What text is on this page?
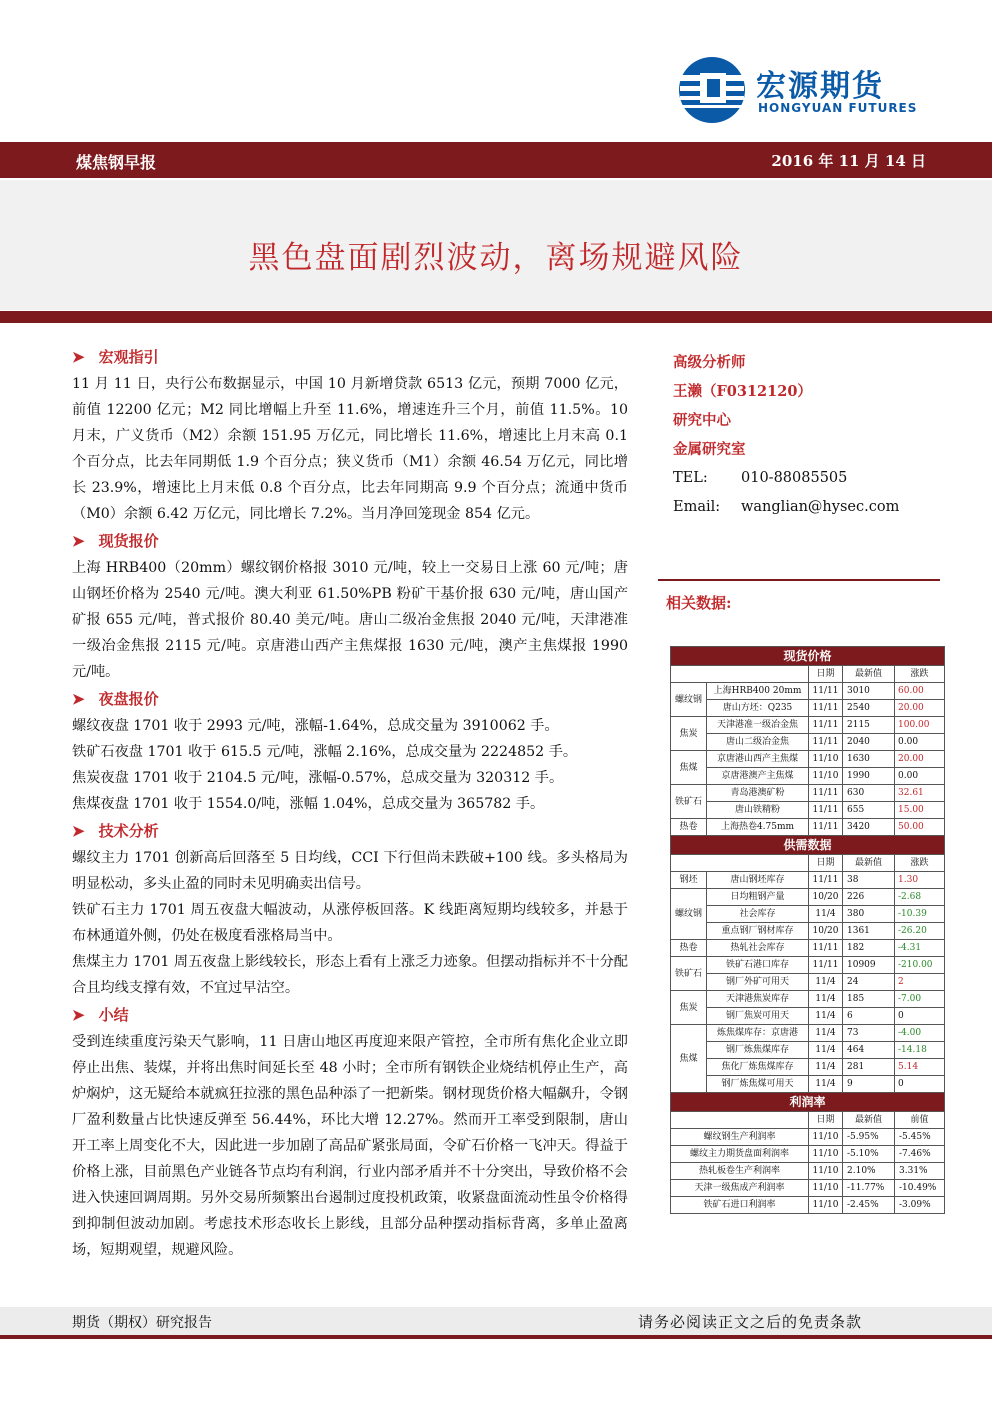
宏源期货
HONGYUAN FUTURES
煤焦钢早报	2016 年 11 月 14 日
黑色盘面剧烈波动，离场规避风险
➤ 宏观指引
11 月 11 日，央行公布数据显示，中国 10 月新增贷款 6513 亿元，预期 7000 亿元，前值 12200 亿元；M2 同比增幅上升至 11.6%，增速连升三个月，前值 11.5%。10 月末，广义货币（M2）余额 151.95 万亿元，同比增长 11.6%，增速比上月末高 0.1 个百分点，比去年同期低 1.9 个百分点；狭义货币（M1）余额 46.54 万亿元，同比增长 23.9%，增速比上月末低 0.8 个百分点，比去年同期高 9.9 个百分点；流通中货币（M0）余额 6.42 万亿元，同比增长 7.2%。当月净回笼现金 854 亿元。
➤ 现货报价
上海 HRB400（20mm）螺纹钢价格报 3010 元/吨，较上一交易日上涨 60 元/吨；唐山钢坯价格为 2540 元/吨。澳大利亚 61.50%PB 粉矿干基价报 630 元/吨，唐山国产矿报 655 元/吨，普式报价 80.40 美元/吨。唐山二级冶金焦报 2040 元/吨，天津港准一级冶金焦报 2115 元/吨。京唐港山西产主焦煤报 1630 元/吨，澳产主焦煤报 1990 元/吨。
➤ 夜盘报价
螺纹夜盘 1701 收于 2993 元/吨，涨幅-1.64%，总成交量为 3910062 手。
铁矿石夜盘 1701 收于 615.5 元/吨，涨幅 2.16%，总成交量为 2224852 手。
焦炭夜盘 1701 收于 2104.5 元/吨，涨幅-0.57%，总成交量为 320312 手。
焦煤夜盘 1701 收于 1554.0/吨，涨幅 1.04%，总成交量为 365782 手。
➤ 技术分析
螺纹主力 1701 创新高后回落至 5 日均线，CCI 下行但尚未跌破+100 线。多头格局为明显松动，多头止盈的同时未见明确卖出信号。
铁矿石主力 1701 周五夜盘大幅波动，从涨停板回落。K 线距离短期均线较多，并悬于布林通道外侧，仍处在极度看涨格局当中。
焦煤主力 1701 周五夜盘上影线较长，形态上看有上涨乏力迹象。但摆动指标并不十分配合且均线支撑有效，不宜过早沽空。
➤ 小结
受到连续重度污染天气影响，11 日唐山地区再度迎来限产管控，全市所有焦化企业立即停止出焦、装煤，并将出焦时间延长至 48 小时；全市所有钢铁企业烧结机停止生产，高炉焖炉，这无疑给本就疯狂拉涨的黑色品种添了一把新柴。钢材现货价格大幅飙升，令钢厂盈利数量占比快速反弹至 56.44%，环比大增 12.27%。然而开工率受到限制，唐山开工率上周变化不大，因此进一步加剧了高品矿紧张局面，令矿石价格一飞冲天。得益于价格上涨，目前黑色产业链各节点均有利润，行业内部矛盾并不十分突出，导致价格不会进入快速回调周期。另外交易所频繁出台遏制过度投机政策，收紧盘面流动性虽令价格得到抑制但波动加剧。考虑技术形态收长上影线，且部分品种摆动指标背离，多单止盈离场，短期观望，规避风险。
高级分析师
王濑（F0312120）
研究中心
金属研究室
TEL: 010-88085505
Email: wanglian@hysec.com
相关数据:
现货价格				
		日期	最新值	涨跌
螺纹钢	上海HRB400 20mm	11/11	3010	60.00
	唐山方坯：Q235	11/11	2540	20.00
焦炭	天津港准一级冶金焦	11/11	2115	100.00
	唐山二级冶金焦	11/11	2040	0.00
焦煤	京唐港山西产主焦煤	11/10	1630	20.00
	京唐港澳产主焦煤	11/10	1990	0.00
铁矿石	青岛港澳矿粉	11/11	630	32.61
	唐山铁精粉	11/11	655	15.00
热卷	上海热卷4.75mm	11/11	3420	50.00
供需数据				
		日期	最新值	涨跌
钢坯	唐山钢坯库存	11/11	38	1.30
螺纹钢	日均粗钢产量	10/20	226	-2.68
	社会库存	11/4	380	-10.39
	重点钢厂钢材库存	10/20	1361	-26.20
热卷	热轧社会库存	11/11	182	-4.31
铁矿石	铁矿石港口库存	11/11	10909	-210.00
	钢厂外矿可用天	11/4	24	2
焦炭	天津港焦炭库存	11/4	185	-7.00
	钢厂焦炭可用天	11/4	6	0
焦煤	炼焦煤库存：京唐港	11/4	73	-4.00
	钢厂炼焦煤库存	11/4	464	-14.18
	焦化厂炼焦煤库存	11/4	281	5.14
	钢厂炼焦煤可用天	11/4	9	0
利润率				
		日期	最新值	前值
螺纹钢生产利润率		11/10	-5.95%	-5.45%
螺纹主力期货盘面利润率		11/10	-5.10%	-7.46%
热轧板卷生产利润率		11/10	2.10%	3.31%
天津一级焦成产利润率		11/10	-11.77%	-10.49%
铁矿石进口利润率		11/10	-2.45%	-3.09%
期货（期权）研究报告	请务必阅读正文之后的免责条款
